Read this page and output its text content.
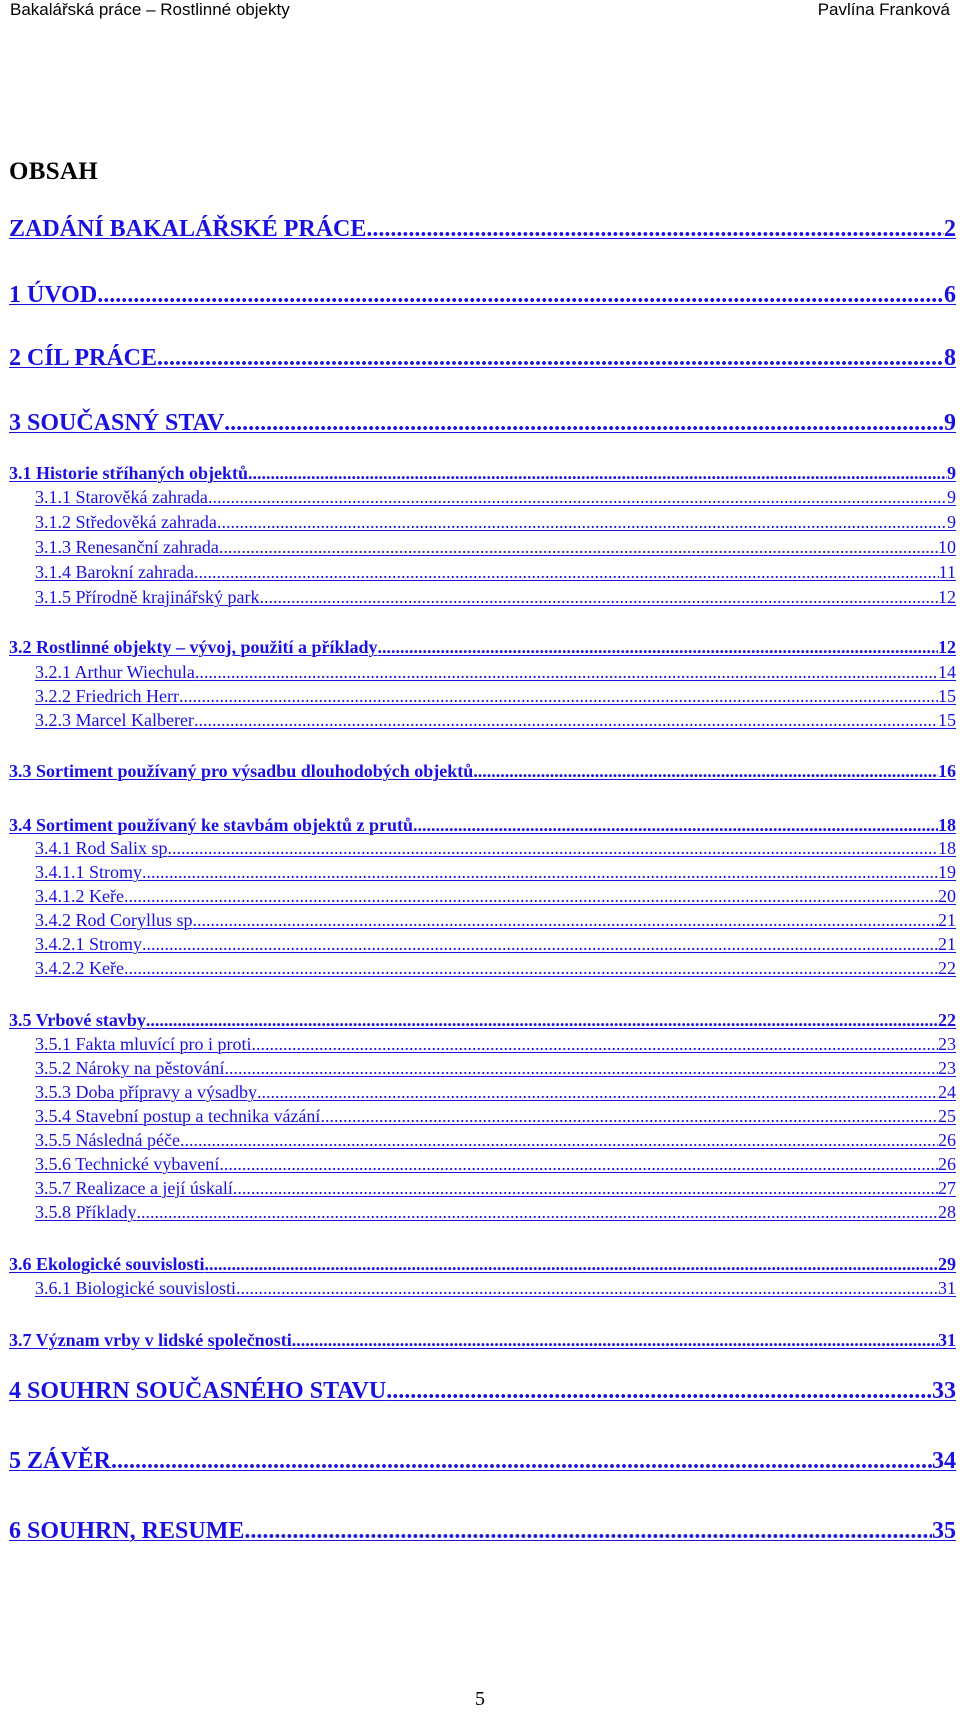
Bakalářská práce – Rostlinné objekty	Pavlína Franková
OBSAH
ZADÁNÍ BAKALÁŘSKÉ PRÁCE .....	2
1 ÚVOD .....	6
2 CÍL PRÁCE .....	8
3 SOUČASNÝ STAV .....	9
3.1 Historie stříhaných objektů .....	9
3.1.1 Starověká zahrada .....	9
3.1.2 Středověká zahrada .....	9
3.1.3 Renesanční zahrada .....	10
3.1.4 Barokní zahrada .....	11
3.1.5 Přírodně krajinářský park .....	12
3.2 Rostlinné objekty – vývoj, použití a příklady .....	12
3.2.1 Arthur Wiechula .....	14
3.2.2 Friedrich Herr .....	15
3.2.3 Marcel Kalberer .....	15
3.3 Sortiment používaný pro výsadbu dlouhodobých objektů .....	16
3.4 Sortiment používaný ke stavbám objektů z prutů .....	18
3.4.1 Rod Salix sp .....	18
3.4.1.1 Stromy .....	19
3.4.1.2 Keře .....	20
3.4.2 Rod Coryllus sp .....	21
3.4.2.1 Stromy .....	21
3.4.2.2 Keře .....	22
3.5 Vrbové stavby .....	22
3.5.1 Fakta mluvící pro i proti .....	23
3.5.2 Nároky na pěstování .....	23
3.5.3 Doba přípravy a výsadby .....	24
3.5.4 Stavební postup a technika vázání .....	25
3.5.5 Následná péče .....	26
3.5.6 Technické vybavení .....	26
3.5.7 Realizace a její úskalí .....	27
3.5.8 Příklady .....	28
3.6 Ekologické souvislosti .....	29
3.6.1 Biologické souvislosti .....	31
3.7 Význam vrby v lidské společnosti .....	31
4 SOUHRN SOUČASNÉHO STAVU .....	33
5 ZÁVĚR .....	34
6 SOUHRN, RESUME .....	35
5
